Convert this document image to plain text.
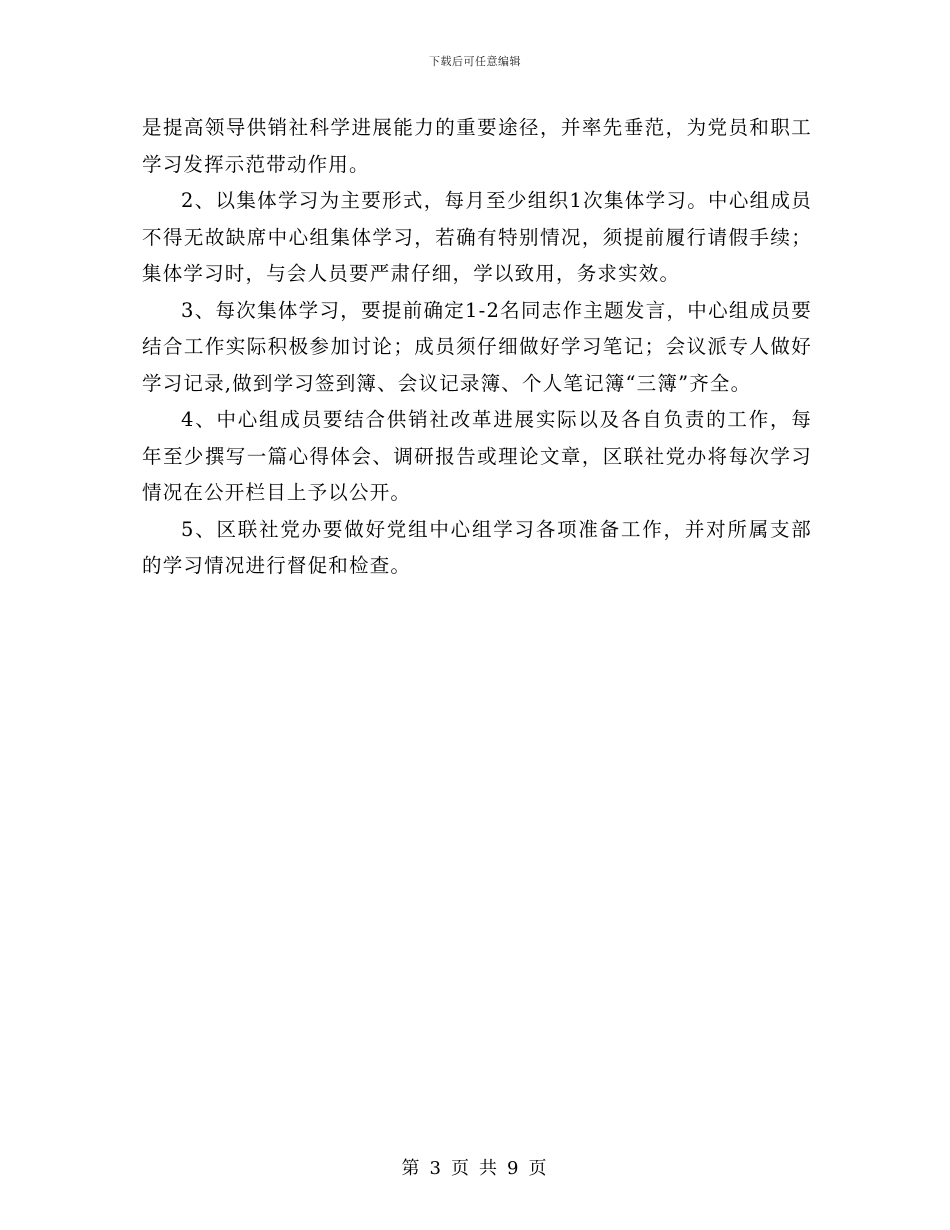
下载后可任意编辑

是提高领导供销社科学进展能力的重要途径，并率先垂范，为党员和职工学习发挥示范带动作用。

2、以集体学习为主要形式，每月至少组织1次集体学习。中心组成员不得无故缺席中心组集体学习，若确有特别情况，须提前履行请假手续；集体学习时，与会人员要严肃仔细，学以致用，务求实效。

3、每次集体学习，要提前确定1-2名同志作主题发言，中心组成员要结合工作实际积极参加讨论；成员须仔细做好学习笔记；会议派专人做好学习记录,做到学习签到簿、会议记录簿、个人笔记簿“三簿”齐全。

4、中心组成员要结合供销社改革进展实际以及各自负责的工作，每年至少撰写一篇心得体会、调研报告或理论文章，区联社党办将每次学习情况在公开栏目上予以公开。

5、区联社党办要做好党组中心组学习各项准备工作，并对所属支部的学习情况进行督促和检查。

第 3 页 共 9 页
